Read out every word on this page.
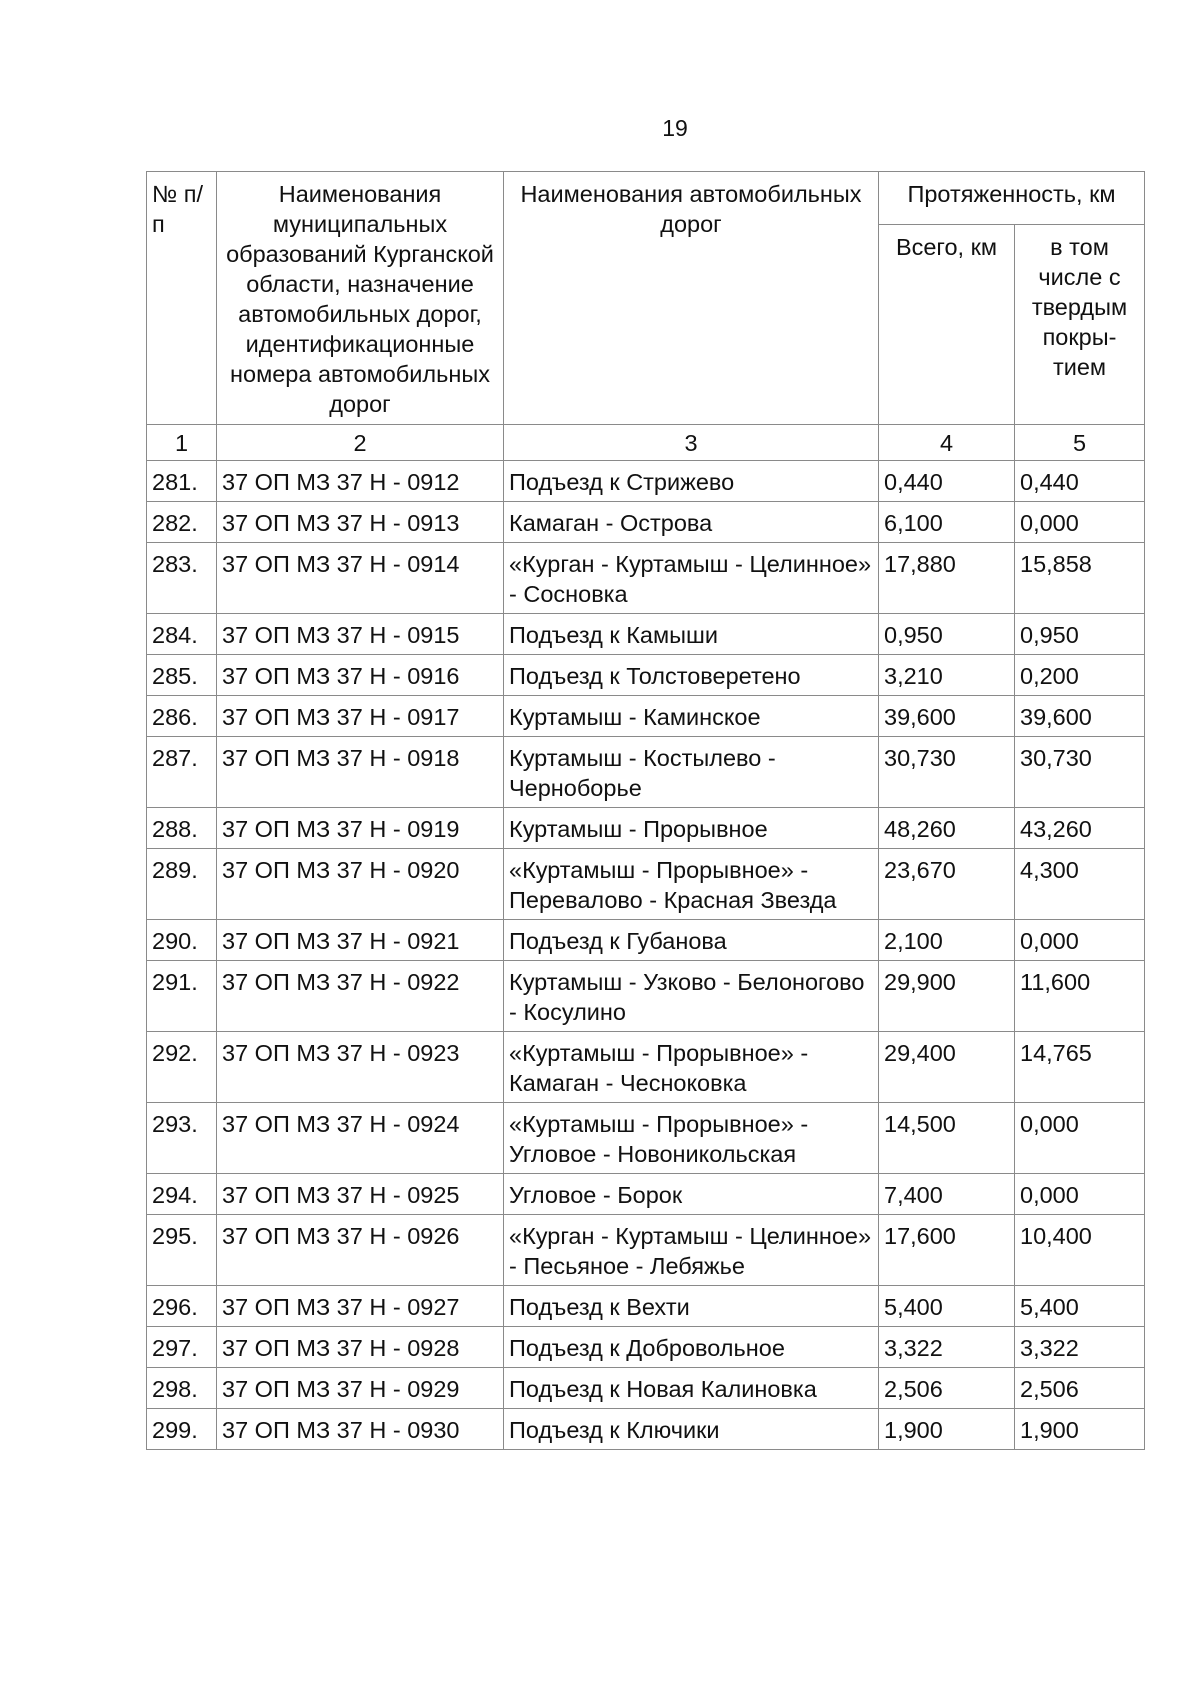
19
№ п/п	Наименования муниципальных образований Курганской области, назначение автомобильных дорог, идентификационные номера автомобильных дорог	Наименования автомобильных дорог	Протяженность, км	
			Всего, км	в том числе с твердым покры-тием
1	2	3	4	5
281.	37 ОП МЗ 37 Н - 0912	Подъезд к Стрижево	0,440	0,440
282.	37 ОП МЗ 37 Н - 0913	Камаган - Острова	6,100	0,000
283.	37 ОП МЗ 37 Н - 0914	«Курган - Куртамыш - Целинное» - Сосновка	17,880	15,858
284.	37 ОП МЗ 37 Н - 0915	Подъезд к Камыши	0,950	0,950
285.	37 ОП МЗ 37 Н - 0916	Подъезд к Толстоверетено	3,210	0,200
286.	37 ОП МЗ 37 Н - 0917	Куртамыш - Каминское	39,600	39,600
287.	37 ОП МЗ 37 Н - 0918	Куртамыш - Костылево - Черноборье	30,730	30,730
288.	37 ОП МЗ 37 Н - 0919	Куртамыш - Прорывное	48,260	43,260
289.	37 ОП МЗ 37 Н - 0920	«Куртамыш - Прорывное» - Перевалово - Красная Звезда	23,670	4,300
290.	37 ОП МЗ 37 Н - 0921	Подъезд к Губанова	2,100	0,000
291.	37 ОП МЗ 37 Н - 0922	Куртамыш - Узково - Белоногово - Косулино	29,900	11,600
292.	37 ОП МЗ 37 Н - 0923	«Куртамыш - Прорывное» - Камаган - Чесноковка	29,400	14,765
293.	37 ОП МЗ 37 Н - 0924	«Куртамыш - Прорывное» - Угловое - Новоникольская	14,500	0,000
294.	37 ОП МЗ 37 Н - 0925	Угловое - Борок	7,400	0,000
295.	37 ОП МЗ 37 Н - 0926	«Курган - Куртамыш - Целинное» - Песьяное - Лебяжье	17,600	10,400
296.	37 ОП МЗ 37 Н - 0927	Подъезд к Вехти	5,400	5,400
297.	37 ОП МЗ 37 Н - 0928	Подъезд к Добровольное	3,322	3,322
298.	37 ОП МЗ 37 Н - 0929	Подъезд к Новая Калиновка	2,506	2,506
299.	37 ОП МЗ 37 Н - 0930	Подъезд к Ключики	1,900	1,900
